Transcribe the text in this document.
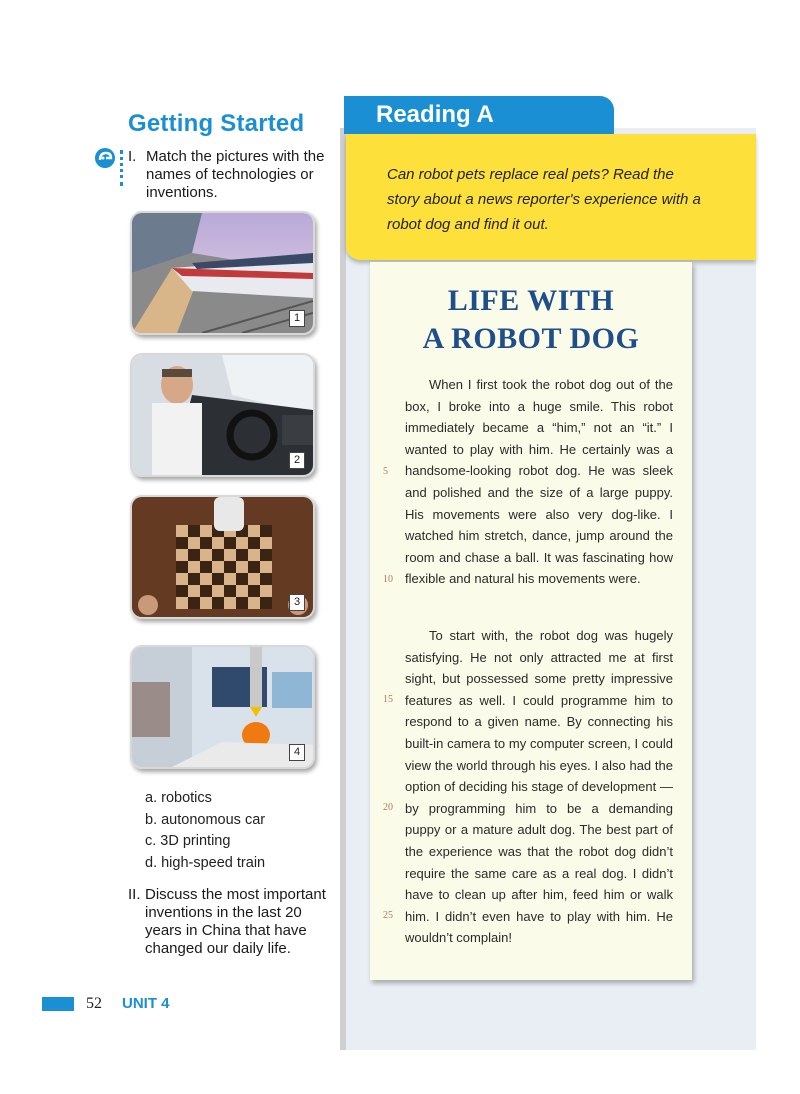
Getting Started
I. Match the pictures with the names of technologies or inventions.
1
2
3
4
a. robotics
b. autonomous car
c. 3D printing
d. high-speed train
II. Discuss the most important inventions in the last 20 years in China that have changed our daily life.
52 UNIT 4
Reading A
Can robot pets replace real pets? Read the story about a news reporter's experience with a robot dog and find it out.
LIFE WITH
A ROBOT DOG

When I first took the robot dog out of the box, I broke into a huge smile. This robot immediately became a “him,” not an “it.” I wanted to play with him. He certainly was a handsome-looking robot dog. He was sleek and polished and the size of a large puppy. His movements were also very dog-like. I watched him stretch, dance, jump around the room and chase a ball. It was fascinating how flexible and natural his movements were.

To start with, the robot dog was hugely satisfying. He not only attracted me at first sight, but possessed some pretty impressive features as well. I could programme him to respond to a given name. By connecting his built-in camera to my computer screen, I could view the world through his eyes. I also had the option of deciding his stage of development — by programming him to be a demanding puppy or a mature adult dog. The best part of the experience was that the robot dog didn’t require the same care as a real dog. I didn’t have to clean up after him, feed him or walk him. I didn’t even have to play with him. He wouldn’t complain!

5
10
15
20
25
